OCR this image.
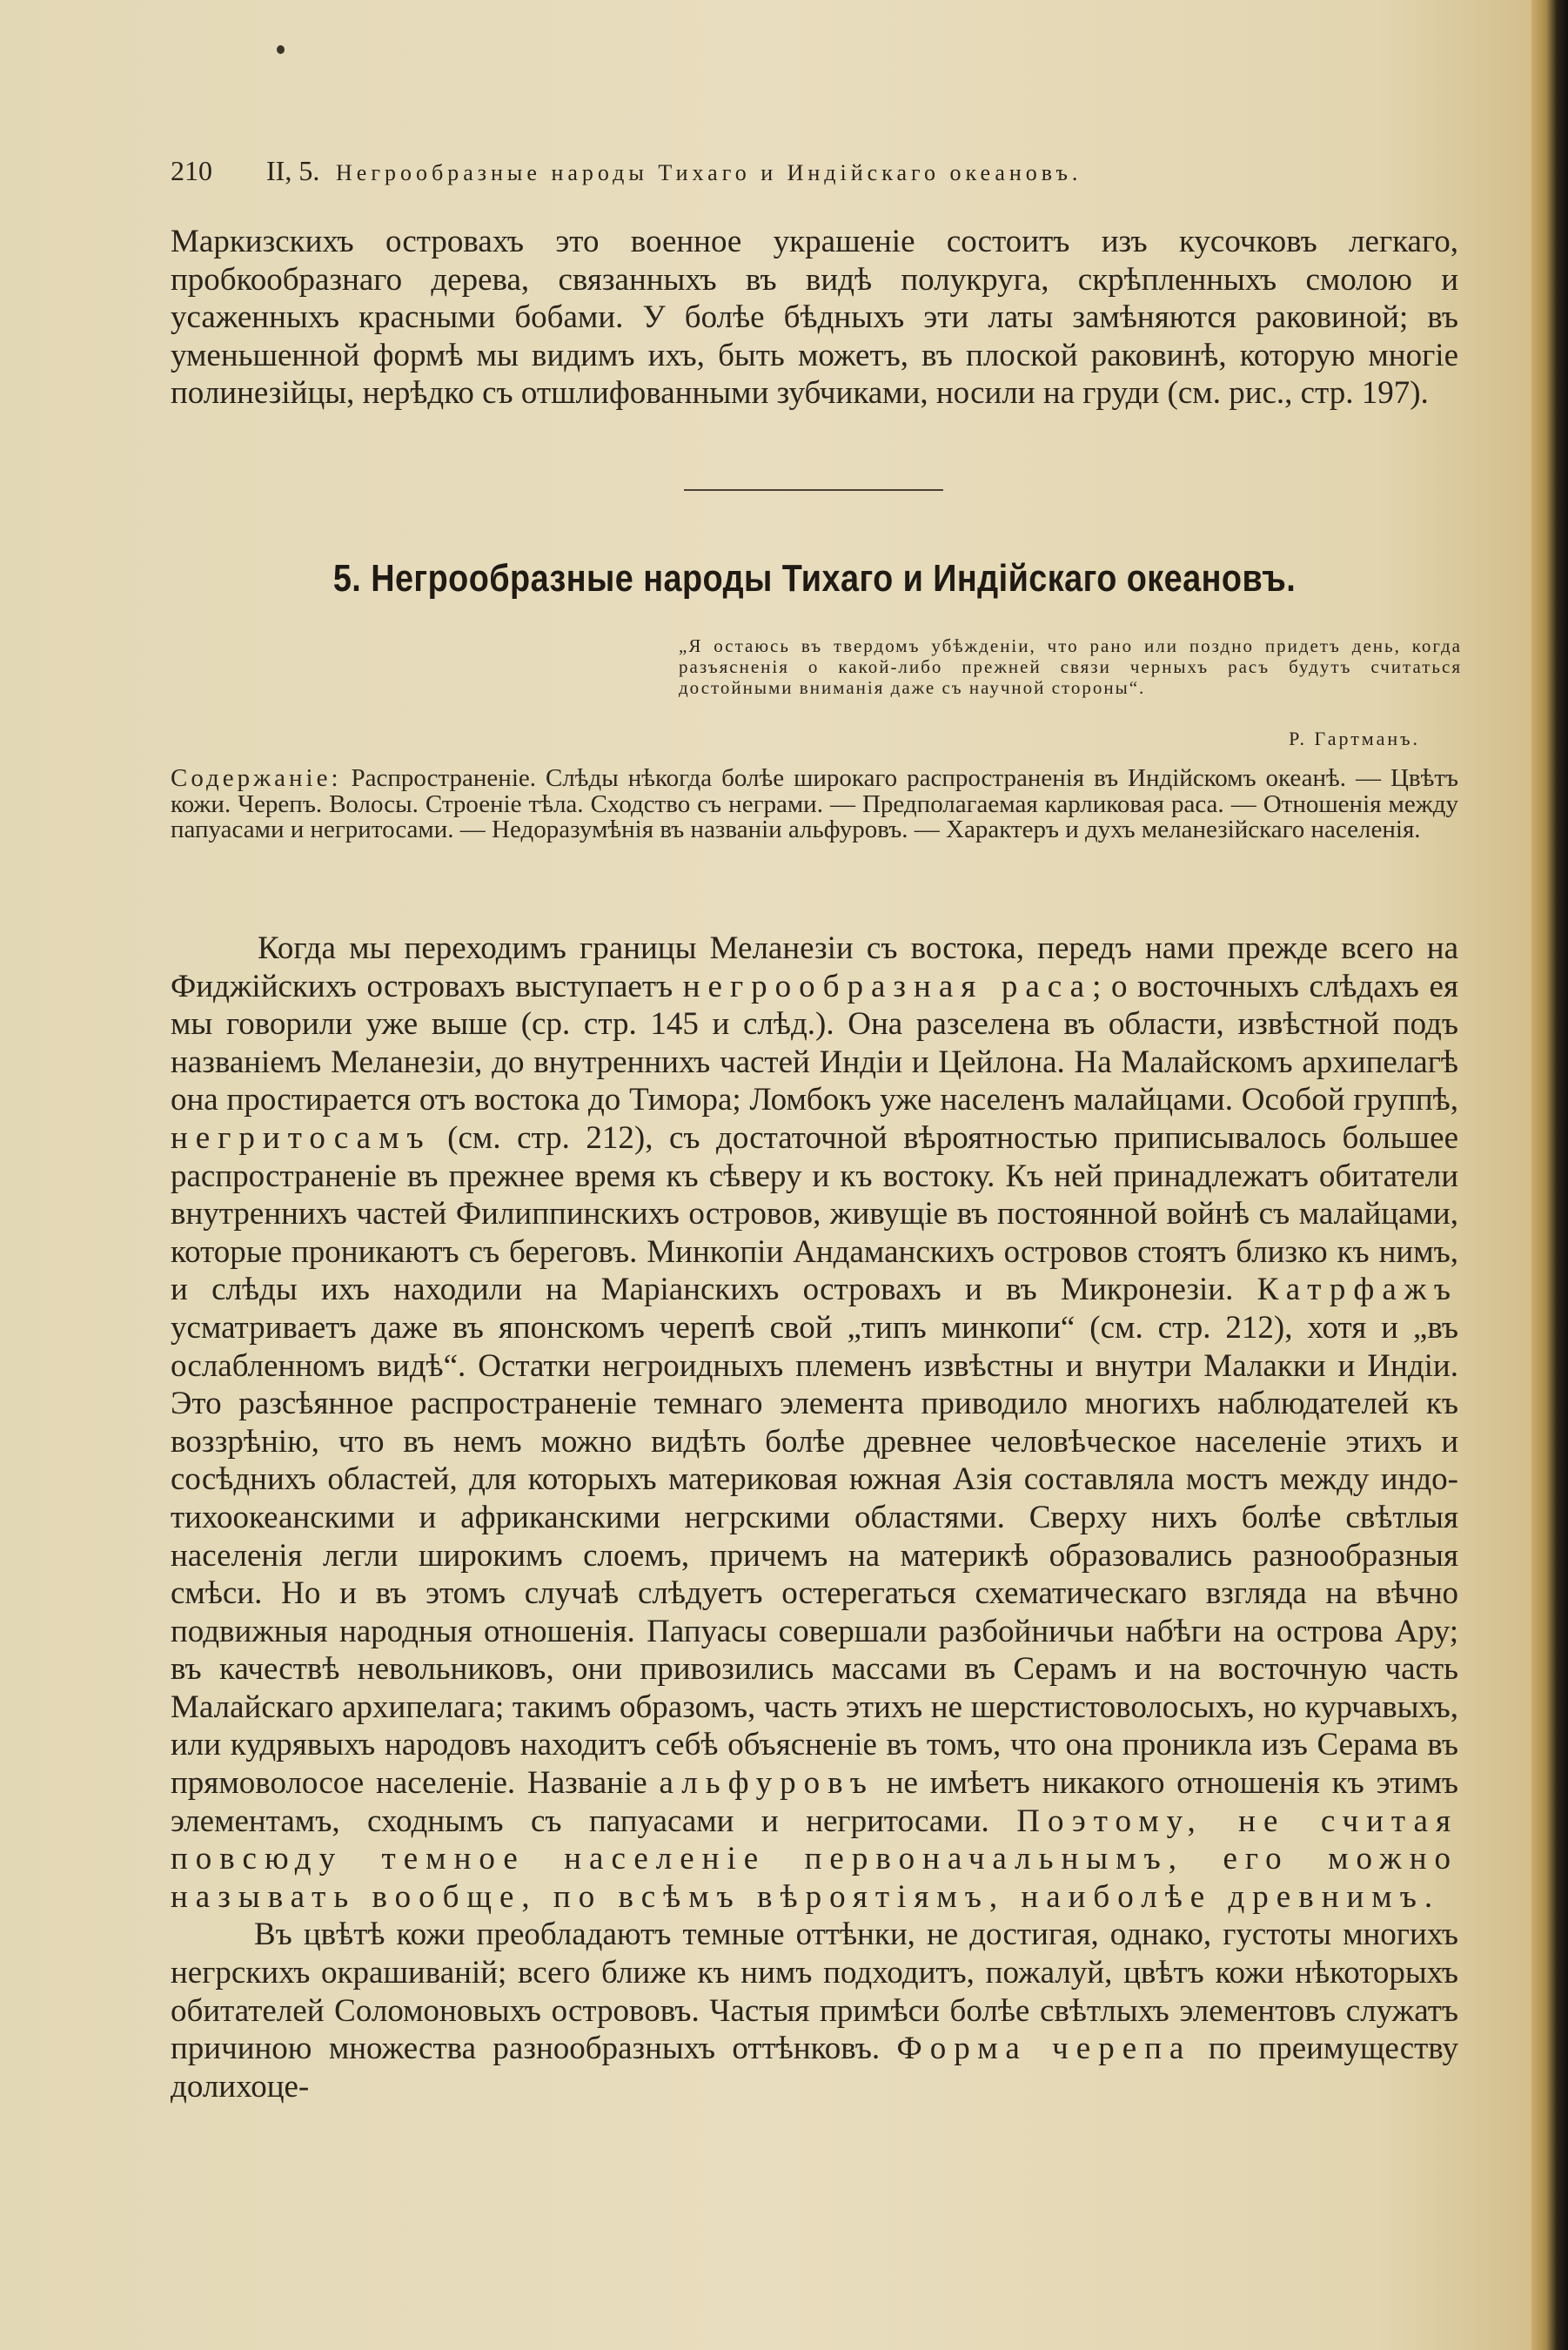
210	II, 5. Негрообразные народы Тихаго и Индійскаго океановъ.
Маркизскихъ островахъ это военное украшеніе состоитъ изъ кусочковъ легкаго, пробкообразнаго дерева, связанныхъ въ видѣ полукруга, скрѣпленныхъ смолою и усаженныхъ красными бобами. У болѣе бѣдныхъ эти латы замѣняются раковиной; въ уменьшенной формѣ мы видимъ ихъ, быть можетъ, въ плоской раковинѣ, которую многіе полинезійцы, нерѣдко съ отшлифованными зубчиками, носили на груди (см. рис., стр. 197).
5. Негрообразные народы Тихаго и Индійскаго океановъ.
„Я остаюсь въ твердомъ убѣжденіи, что рано или поздно придетъ день, когда разъясненія о какой-либо прежней связи черныхъ расъ будутъ считаться достойными вниманія даже съ научной стороны“.
Р. Гартманъ.
Содержаніе: Распространеніе. Слѣды нѣкогда болѣе широкаго распространенія въ Индійскомъ океанѣ. — Цвѣтъ кожи. Черепъ. Волосы. Строеніе тѣла. Сходство съ неграми. — Предполагаемая карликовая раса. — Отношенія между папуасами и негритосами. — Недоразумѣнія въ названіи альфуровъ. — Характеръ и духъ меланезійскаго населенія.
Когда мы переходимъ границы Меланезіи съ востока, передъ нами прежде всего на Фиджійскихъ островахъ выступаетъ негрообразная раса; о восточныхъ слѣдахъ ея мы говорили уже выше (ср. стр. 145 и слѣд.). Она разселена въ области, извѣстной подъ названіемъ Меланезіи, до внутреннихъ частей Индіи и Цейлона. На Малайскомъ архипелагѣ она простирается отъ востока до Тимора; Ломбокъ уже населенъ малайцами. Особой группѣ, негритосамъ (см. стр. 212), съ достаточной вѣроятностью приписывалось большее распространеніе въ прежнее время къ сѣверу и къ востоку. Къ ней принадлежатъ обитатели внутреннихъ частей Филиппинскихъ островов, живущіе въ постоянной войнѣ съ малайцами, которые проникаютъ съ береговъ. Минкопіи Андаманскихъ островов стоятъ близко къ нимъ, и слѣды ихъ находили на Маріанскихъ островахъ и въ Микронезіи. Катрфажъ усматриваетъ даже въ японскомъ черепѣ свой „типъ минкопи“ (см. стр. 212), хотя и „въ ослабленномъ видѣ“. Остатки негроидныхъ племенъ извѣстны и внутри Малакки и Индіи. Это разсѣянное распространеніе темнаго элемента приводило многихъ наблюдателей къ воззрѣнію, что въ немъ можно видѣть болѣе древнее человѣческое населеніе этихъ и сосѣднихъ областей, для которыхъ материковая южная Азія составляла мостъ между индо-тихоокеанскими и африканскими негрскими областями. Сверху нихъ болѣе свѣтлыя населенія легли широкимъ слоемъ, причемъ на материкѣ образовались разнообразныя смѣси. Но и въ этомъ случаѣ слѣдуетъ остерегаться схематическаго взгляда на вѣчно подвижныя народныя отношенія. Папуасы совершали разбойничьи набѣги на острова Ару; въ качествѣ невольниковъ, они привозились массами въ Серамъ и на восточную часть Малайскаго архипелага; такимъ образомъ, часть этихъ не шерстистоволосыхъ, но курчавыхъ, или кудрявыхъ народовъ находитъ себѣ объясненіе въ томъ, что она проникла изъ Серама въ прямоволосое населеніе. Названіе альфуровъ не имѣетъ никакого отношенія къ этимъ элементамъ, сходнымъ съ папуасами и негритосами. Поэтому, не считая повсюду темное населеніе первоначальнымъ, его можно называть вообще, по всѣмъ вѣроятіямъ, наиболѣе древнимъ.
Въ цвѣтѣ кожи преобладаютъ темные оттѣнки, не достигая, однако, густоты многихъ негрскихъ окрашиваній; всего ближе къ нимъ подходитъ, пожалуй, цвѣтъ кожи нѣкоторыхъ обитателей Соломоновыхъ острововъ. Частыя примѣси болѣе свѣтлыхъ элементовъ служатъ причиною множества разнообразныхъ оттѣнковъ. Форма черепа по преимуществу долихоце-
